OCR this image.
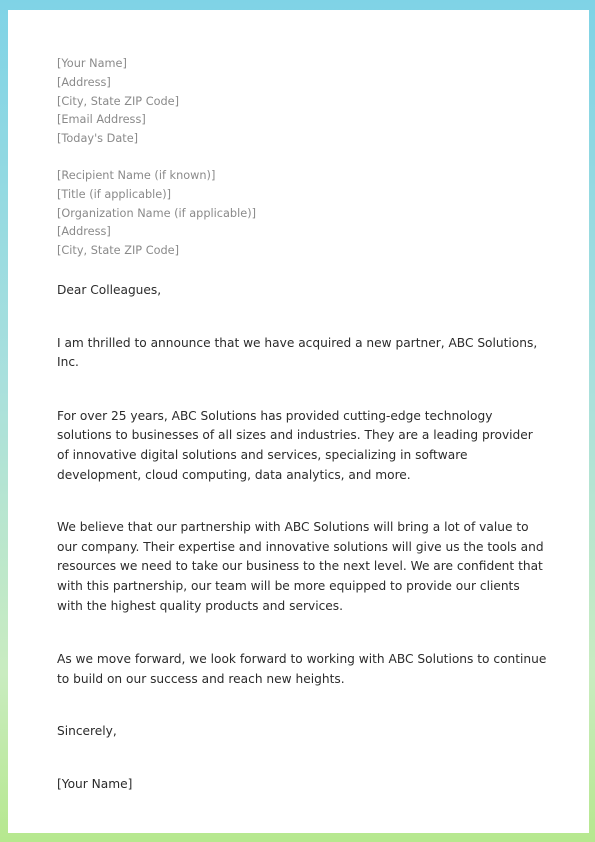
[Your Name]
[Address]
[City, State ZIP Code]
[Email Address]
[Today's Date]
[Recipient Name (if known)]
[Title (if applicable)]
[Organization Name (if applicable)]
[Address]
[City, State ZIP Code]
Dear Colleagues,
I am thrilled to announce that we have acquired a new partner, ABC Solutions, Inc.
For over 25 years, ABC Solutions has provided cutting-edge technology solutions to businesses of all sizes and industries. They are a leading provider of innovative digital solutions and services, specializing in software development, cloud computing, data analytics, and more.
We believe that our partnership with ABC Solutions will bring a lot of value to our company. Their expertise and innovative solutions will give us the tools and resources we need to take our business to the next level. We are confident that with this partnership, our team will be more equipped to provide our clients with the highest quality products and services.
As we move forward, we look forward to working with ABC Solutions to continue to build on our success and reach new heights.
Sincerely,
[Your Name]
